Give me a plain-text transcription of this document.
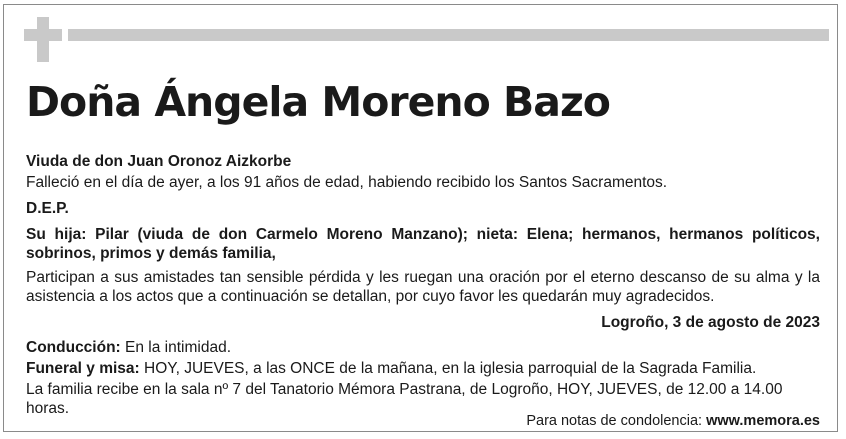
Doña Ángela Moreno Bazo

Viuda de don Juan Oronoz Aizkorbe

Falleció en el día de ayer, a los 91 años de edad, habiendo recibido los Santos Sacramentos.

D.E.P.

Su hija: Pilar (viuda de don Carmelo Moreno Manzano); nieta: Elena; hermanos, hermanos políticos, sobrinos, primos y demás familia,

Participan a sus amistades tan sensible pérdida y les ruegan una oración por el eterno descanso de su alma y la asistencia a los actos que a continuación se detallan, por cuyo favor les quedarán muy agradecidos.

Logroño, 3 de agosto de 2023

Conducción: En la intimidad.

Funeral y misa: HOY, JUEVES, a las ONCE de la mañana, en la iglesia parroquial de la Sagrada Familia.

La familia recibe en la sala nº 7 del Tanatorio Mémora Pastrana, de Logroño, HOY, JUEVES, de 12.00 a 14.00 horas.

Para notas de condolencia: www.memora.es
